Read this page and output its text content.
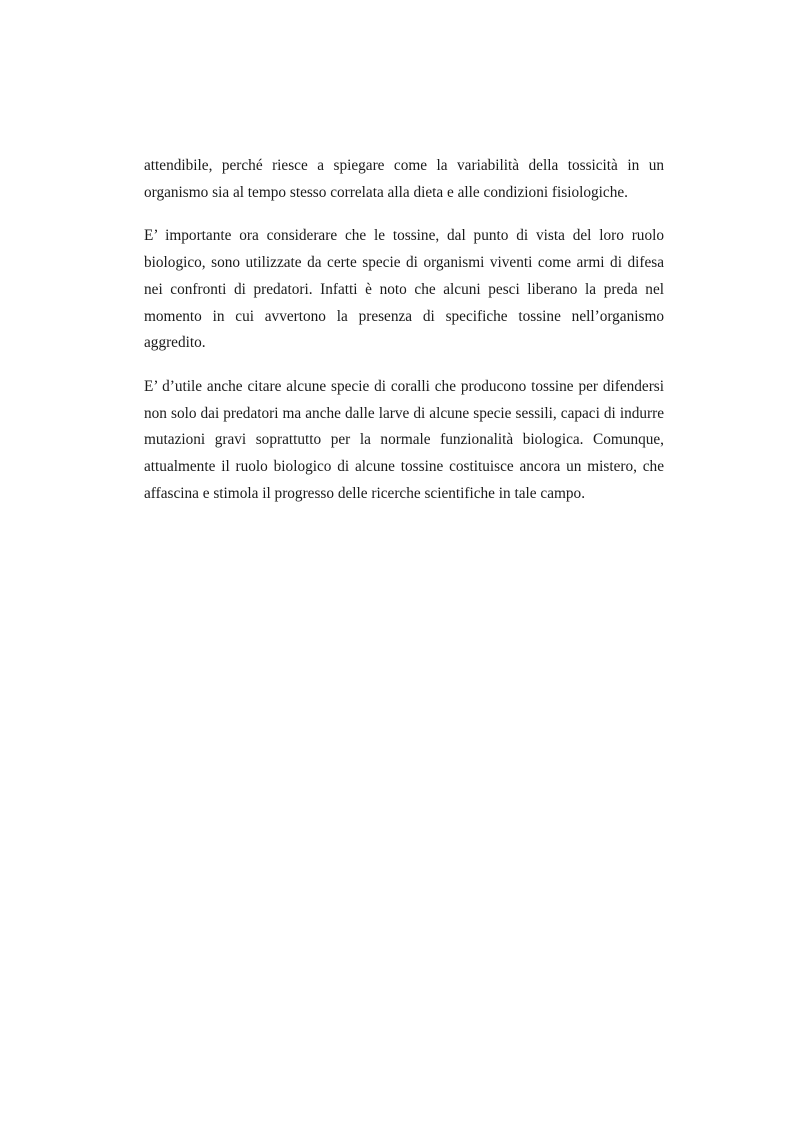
attendibile, perché riesce a spiegare come la variabilità della tossicità in un organismo sia al tempo stesso correlata alla dieta e alle condizioni fisiologiche.

E’ importante ora considerare che le tossine, dal punto di vista del loro ruolo biologico, sono utilizzate da certe specie di organismi viventi come armi di difesa nei confronti di predatori. Infatti è noto che alcuni pesci liberano la preda nel momento in cui avvertono la presenza di specifiche tossine nell’organismo aggredito.

E’ d’utile anche citare alcune specie di coralli che producono tossine per difendersi non solo dai predatori ma anche dalle larve di alcune specie sessili, capaci di indurre mutazioni gravi soprattutto per la normale funzionalità biologica. Comunque, attualmente il ruolo biologico di alcune tossine costituisce ancora un mistero, che affascina e stimola il progresso delle ricerche scientifiche in tale campo.
